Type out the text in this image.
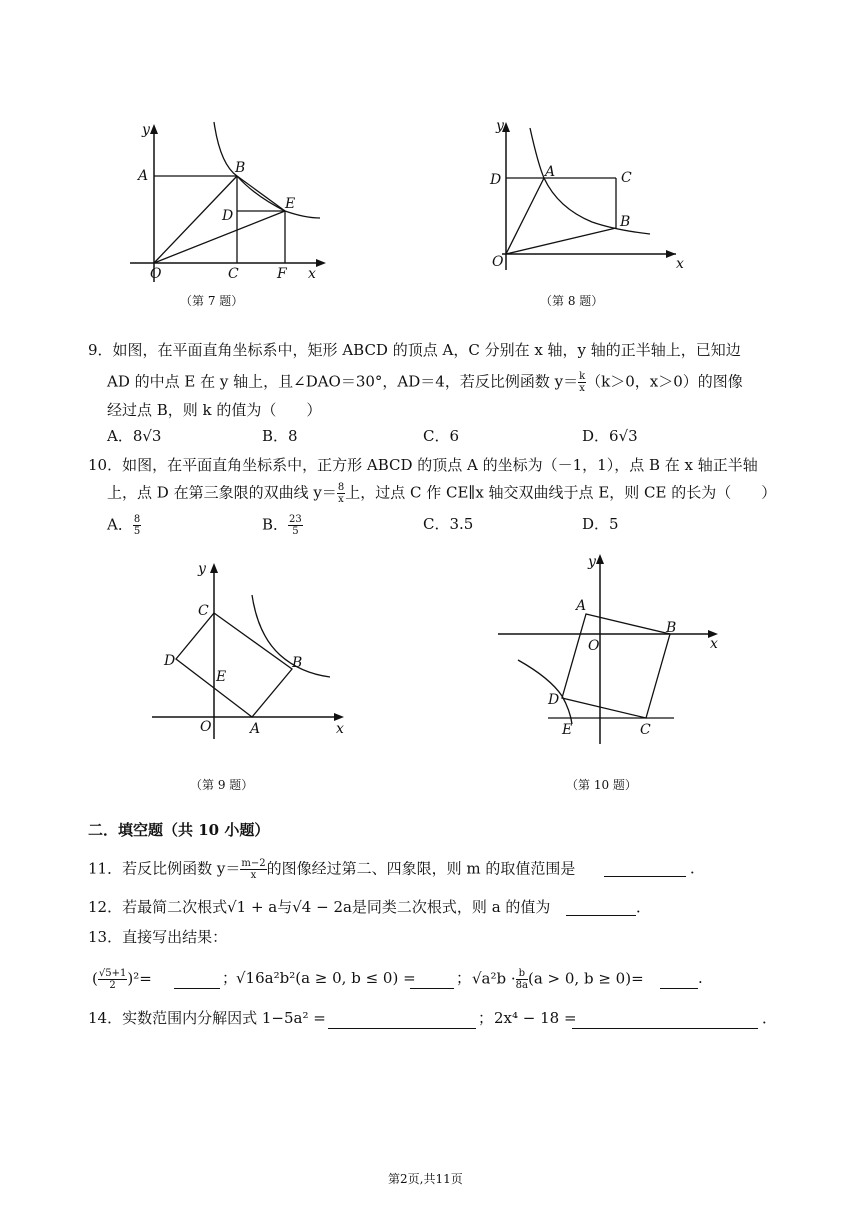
y
A	B
D
E
O	C	F x
（第 7 题）
y
A	C
D
B
O	x
（第 8 题）
9．如图，在平面直角坐标系中，矩形 ABCD 的顶点 A，C 分别在 x 轴，y 轴的正半轴上，已知边
AD 的中点 E 在 y 轴上，且∠DAO＝30°，AD＝4，若反比例函数 $y= \frac{k}{x} (k>0$，x＞0）的图像
经过点 B，则 k 的值为（　　）
A．8√3	B．8	C．6	D．6√3
10．如图，在平面直角坐标系中，正方形 ABCD 的顶点 A 的坐标为（－1，1），点 B 在 x 轴正半轴
上，点 D 在第三象限的双曲线 $y= \frac{8}{x}$ 上，过点 C 作 CE∥x 轴交双曲线于点 E，则 CE 的长为（　　）
A． $\frac{8}{5}$	B． $\frac{23}{5}$	C．3.5	D．5
y
C
D	B
E
O	A	x
（第 9 题）
y
A
B
O	x
D
E	C
（第 10 题）
二．填空题（共 10 小题）
11．若反比例函数 $y= \frac{m-2}{x}$ 的图像经过第二、四象限，则 m 的取值范围是	．
12．若最简二次根式√1 + a与√4 − 2a是同类二次根式，则 a 的值为	．
13．直接写出结果：
( $\frac{√5+1}{2} )^2=$	；
√16a²b²(a ≥ 0, b ≤ 0) =	； $√a^2b \cdot \frac{b}{8a} (a > 0$, b ≥ 0)=	.
14．实数范围内分解因式 1−5a² =	； 2x⁴ − 18 =	．
第2页,共11页
